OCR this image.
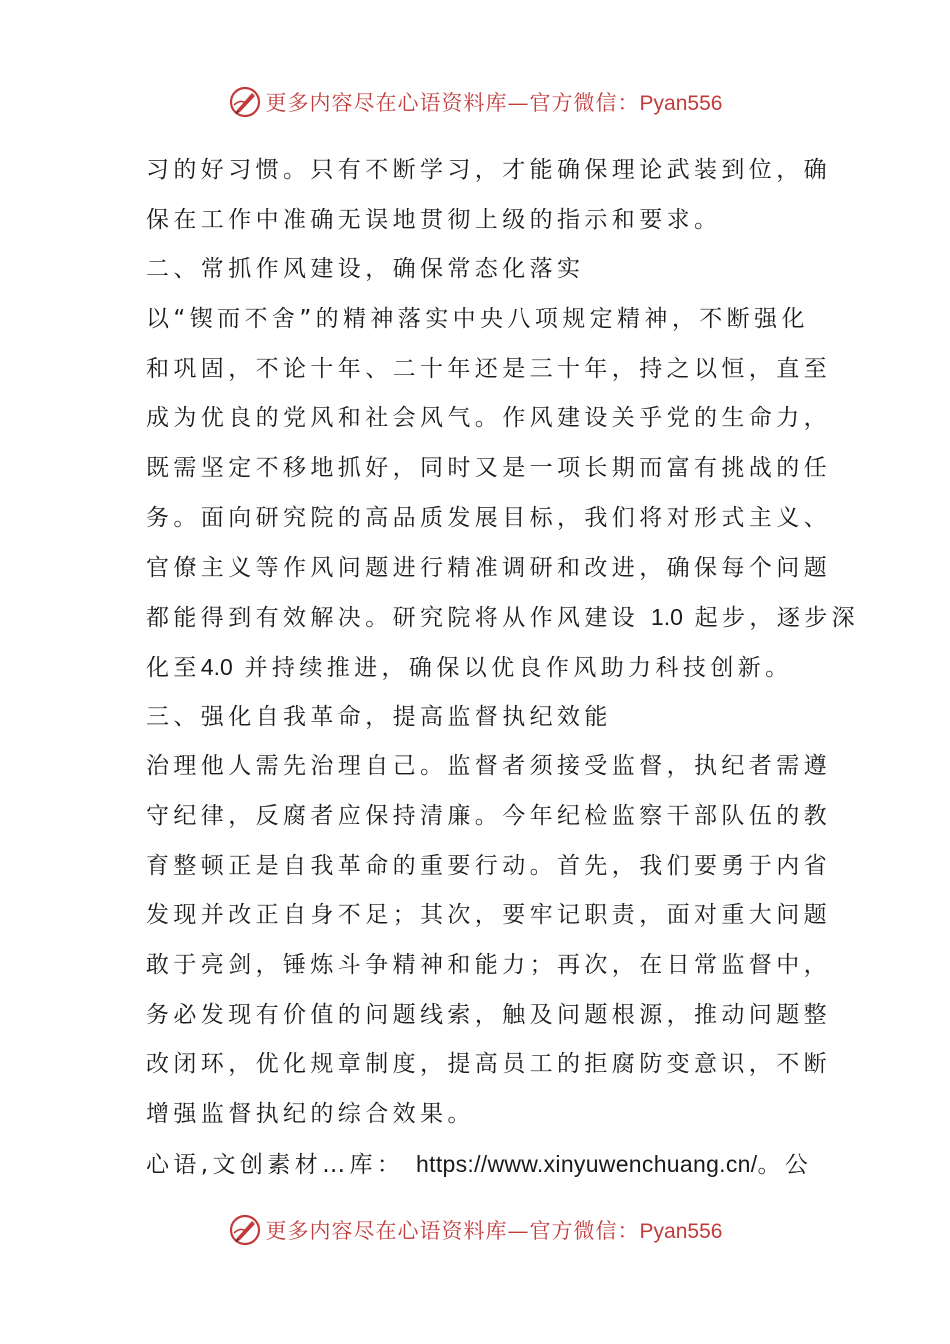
更多内容尽在心语资料库—官方微信：Pyan556
习的好习惯。只有不断学习，才能确保理论武装到位，确
保在工作中准确无误地贯彻上级的指示和要求。
二、常抓作风建设，确保常态化落实
以“锲而不舍”的精神落实中央八项规定精神，不断强化
和巩固，不论十年、二十年还是三十年，持之以恒，直至
成为优良的党风和社会风气。作风建设关乎党的生命力，
既需坚定不移地抓好，同时又是一项长期而富有挑战的任
务。面向研究院的高品质发展目标，我们将对形式主义、
官僚主义等作风问题进行精准调研和改进，确保每个问题
都能得到有效解决。研究院将从作风建设 1.0 起步，逐步深
化至4.0 并持续推进，确保以优良作风助力科技创新。
三、强化自我革命，提高监督执纪效能
治理他人需先治理自己。监督者须接受监督，执纪者需遵
守纪律，反腐者应保持清廉。今年纪检监察干部队伍的教
育整顿正是自我革命的重要行动。首先，我们要勇于内省
发现并改正自身不足；其次，要牢记职责，面对重大问题
敢于亮剑，锤炼斗争精神和能力；再次，在日常监督中，
务必发现有价值的问题线索，触及问题根源，推动问题整
改闭环，优化规章制度，提高员工的拒腐防变意识，不断
增强监督执纪的综合效果。
心语,文创素材…库： https://www.xinyuwenchuang.cn/。公
更多内容尽在心语资料库—官方微信：Pyan556
